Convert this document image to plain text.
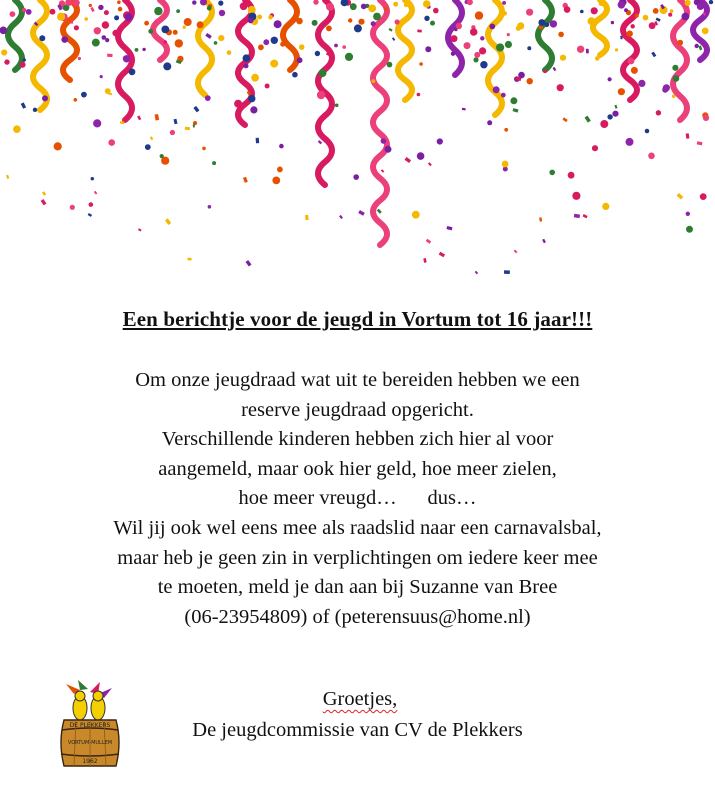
Een berichtje voor de jeugd in Vortum tot 16 jaar!!!
Om onze jeugdraad wat uit te bereiden hebben we een
reserve jeugdraad opgericht.
Verschillende kinderen hebben zich hier al voor
aangemeld, maar ook hier geld, hoe meer zielen,
hoe meer vreugd…      dus…
Wil jij ook wel eens mee als raadslid naar een carnavalsbal,
maar heb je geen zin in verplichtingen om iedere keer mee
te moeten, meld je dan aan bij Suzanne van Bree
(06-23954809) of (peterensuus@home.nl)
Groetjes,
De jeugdcommissie van CV de Plekkers
DE PLEKKERS
VORTUM-MULLEM
1962
